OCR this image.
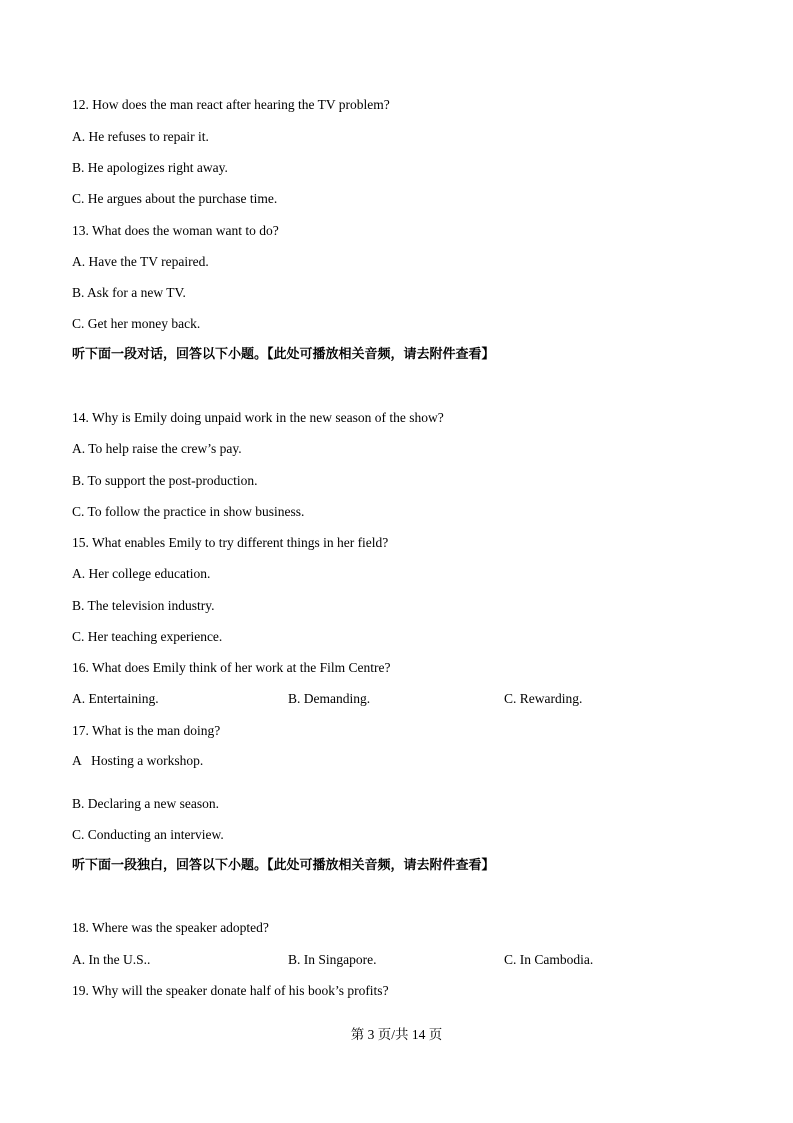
12. How does the man react after hearing the TV problem?
A. He refuses to repair it.
B. He apologizes right away.
C. He argues about the purchase time.
13. What does the woman want to do?
A. Have the TV repaired.
B. Ask for a new TV.
C. Get her money back.
听下面一段对话，回答以下小题。【此处可播放相关音频，请去附件查看】
14. Why is Emily doing unpaid work in the new season of the show?
A. To help raise the crew’s pay.
B. To support the post-production.
C. To follow the practice in show business.
15. What enables Emily to try different things in her field?
A. Her college education.
B. The television industry.
C. Her teaching experience.
16. What does Emily think of her work at the Film Centre?
A. Entertaining.	B. Demanding.	C. Rewarding.
17. What is the man doing?
A   Hosting a workshop.
B. Declaring a new season.
C. Conducting an interview.
听下面一段独白，回答以下小题。【此处可播放相关音频，请去附件查看】
18. Where was the speaker adopted?
A. In the U.S..	B. In Singapore.	C. In Cambodia.
19. Why will the speaker donate half of his book’s profits?
第 3 页/共 14 页
